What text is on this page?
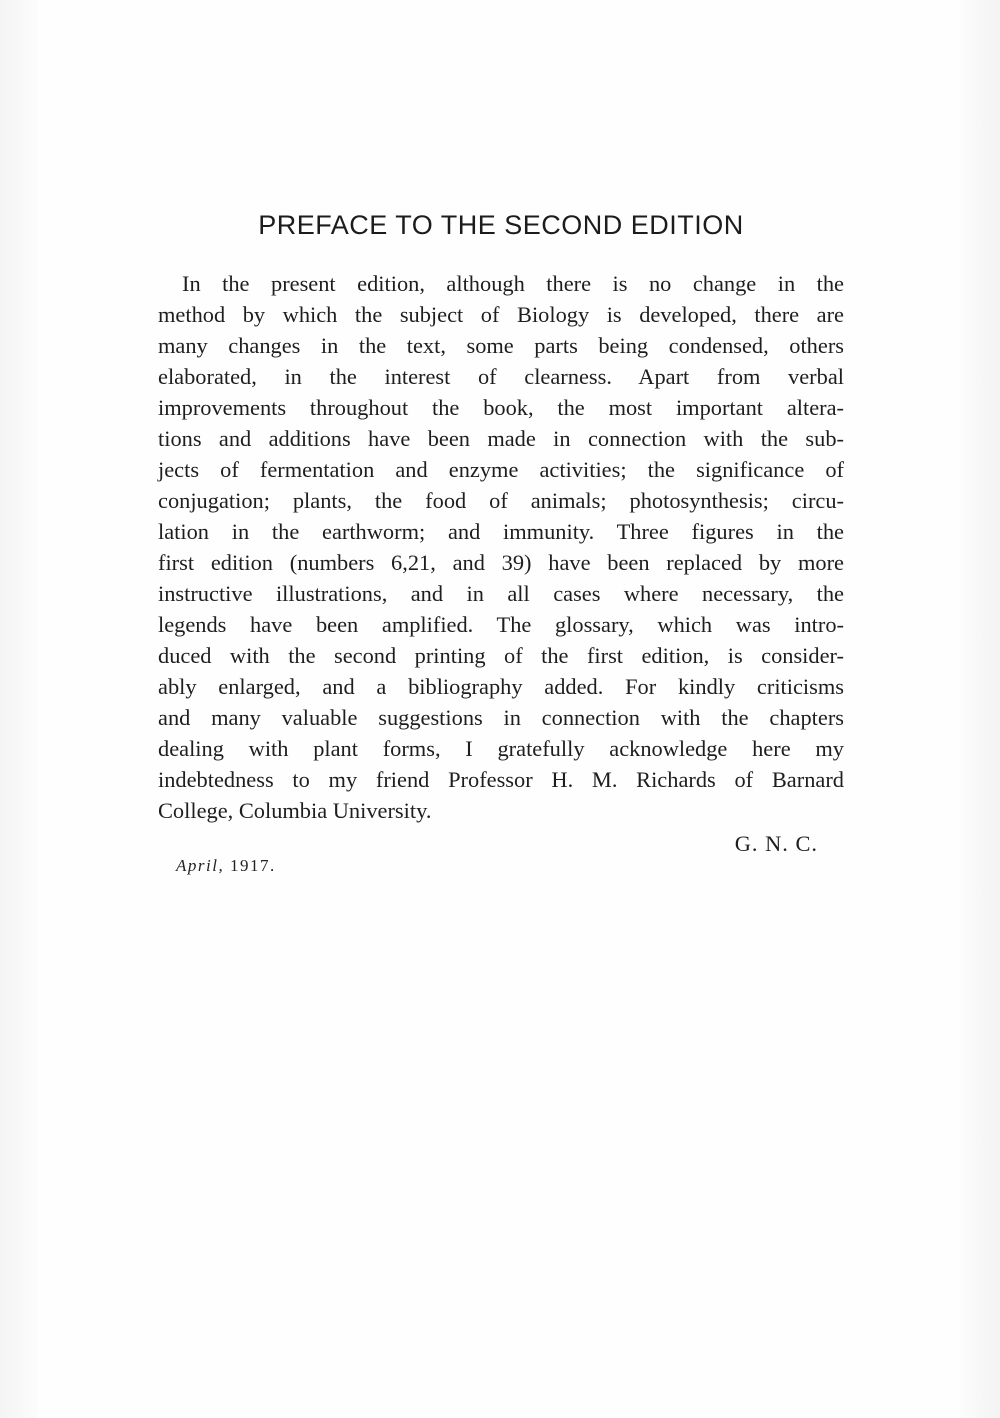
PREFACE TO THE SECOND EDITION

In the present edition, although there is no change in the
method by which the subject of Biology is developed, there are
many changes in the text, some parts being condensed, others
elaborated, in the interest of clearness. Apart from verbal
improvements throughout the book, the most important altera-
tions and additions have been made in connection with the sub-
jects of fermentation and enzyme activities; the significance of
conjugation; plants, the food of animals; photosynthesis; circu-
lation in the earthworm; and immunity. Three figures in the
first edition (numbers 6,21, and 39) have been replaced by more
instructive illustrations, and in all cases where necessary, the
legends have been amplified. The glossary, which was intro-
duced with the second printing of the first edition, is consider-
ably enlarged, and a bibliography added. For kindly criticisms
and many valuable suggestions in connection with the chapters
dealing with plant forms, I gratefully acknowledge here my
indebtedness to my friend Professor H. M. Richards of Barnard
College, Columbia University.

G. N. C.

April, 1917.
